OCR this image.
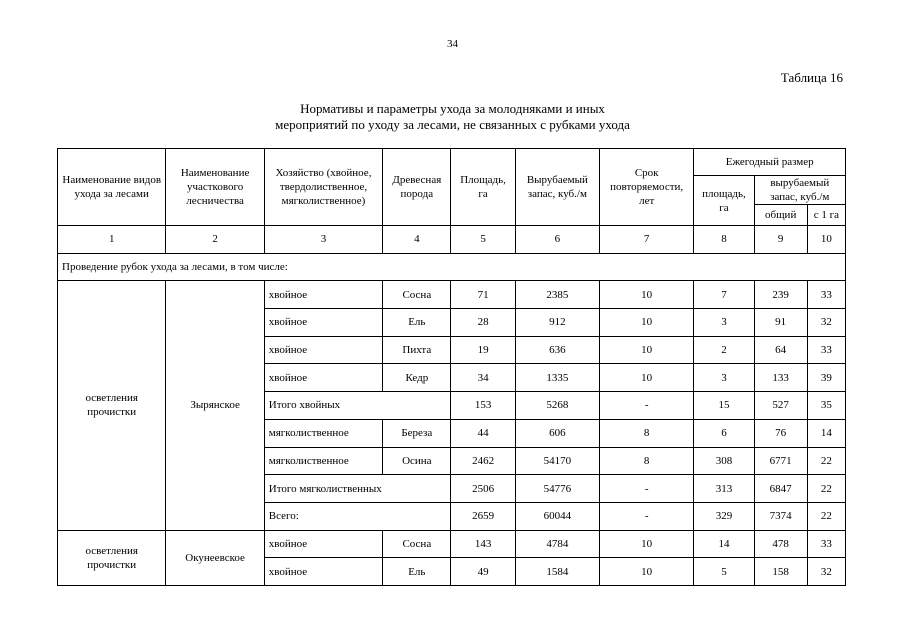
34
Таблица 16
Нормативы и параметры ухода за молодняками и иных
мероприятий по уходу за лесами, не связанных с рубками ухода
Наименование видов ухода за лесами	Наименование участкового лесничества	Хозяйство (хвойное, твердолиственное, мягколиственное)	Древесная порода	Площадь, га	Вырубаемый запас, куб./м	Срок повторяемости, лет	Ежегодный размер		
							площадь, га	вырубаемый запас, куб./м	
								общий	с 1 га
1	2	3	4	5	6	7	8	9	10
Проведение рубок ухода за лесами, в том числе:									
осветления прочистки	Зырянское	хвойное	Сосна	71	2385	10	7	239	33
		хвойное	Ель	28	912	10	3	91	32
		хвойное	Пихта	19	636	10	2	64	33
		хвойное	Кедр	34	1335	10	3	133	39
		Итого хвойных		153	5268	-	15	527	35
		мягколиственное	Береза	44	606	8	6	76	14
		мягколиственное	Осина	2462	54170	8	308	6771	22
		Итого мягколиственных		2506	54776	-	313	6847	22
		Всего:		2659	60044	-	329	7374	22
осветления прочистки	Окунеевское	хвойное	Сосна	143	4784	10	14	478	33
		хвойное	Ель	49	1584	10	5	158	32
